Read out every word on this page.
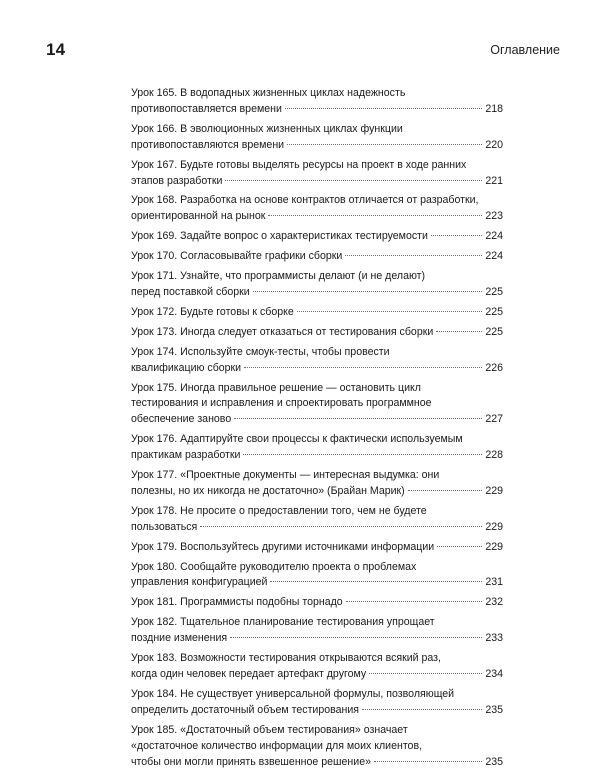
14	Оглавление
Урок 165. В водопадных жизненных циклах надежность
противопоставляется времени	218
Урок 166. В эволюционных жизненных циклах функции
противопоставляются времени	220
Урок 167. Будьте готовы выделять ресурсы на проект в ходе ранних
этапов разработки	221
Урок 168. Разработка на основе контрактов отличается от разработки,
ориентированной на рынок	223
Урок 169. Задайте вопрос о характеристиках тестируемости	224
Урок 170. Согласовывайте графики сборки	224
Урок 171. Узнайте, что программисты делают (и не делают)
перед поставкой сборки	225
Урок 172. Будьте готовы к сборке	225
Урок 173. Иногда следует отказаться от тестирования сборки	225
Урок 174. Используйте смоук-тесты, чтобы провести
квалификацию сборки	226
Урок 175. Иногда правильное решение — остановить цикл
тестирования и исправления и спроектировать программное
обеспечение заново	227
Урок 176. Адаптируйте свои процессы к фактически используемым
практикам разработки	228
Урок 177. «Проектные документы — интересная выдумка: они
полезны, но их никогда не достаточно» (Брайан Марик)	229
Урок 178. Не просите о предоставлении того, чем не будете
пользоваться	229
Урок 179. Воспользуйтесь другими источниками информации	229
Урок 180. Сообщайте руководителю проекта о проблемах
управления конфигурацией	231
Урок 181. Программисты подобны торнадо	232
Урок 182. Тщательное планирование тестирования упрощает
поздние изменения	233
Урок 183. Возможности тестирования открываются всякий раз,
когда один человек передает артефакт другому	234
Урок 184. Не существует универсальной формулы, позволяющей
определить достаточный объем тестирования	235
Урок 185. «Достаточный объем тестирования» означает
«достаточное количество информации для моих клиентов,
чтобы они могли принять взвешенное решение»	235
